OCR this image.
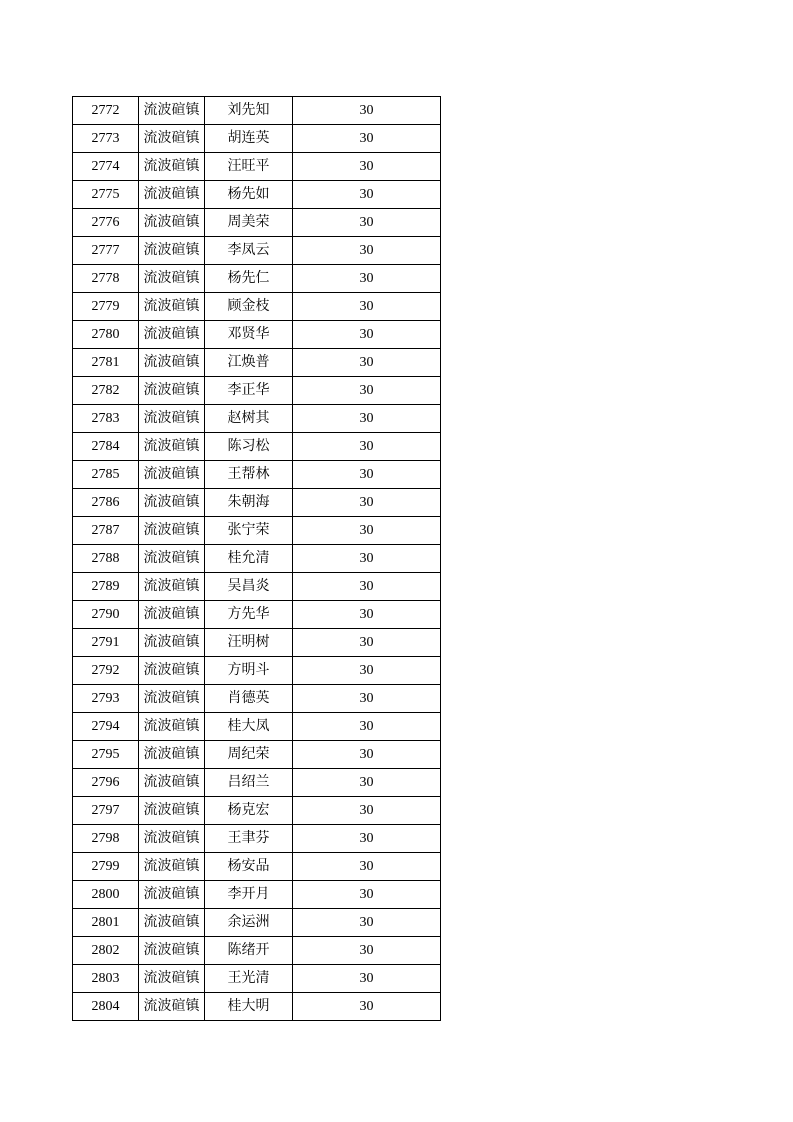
2772	流波碹镇	刘先知	30
2773	流波碹镇	胡连英	30
2774	流波碹镇	汪旺平	30
2775	流波碹镇	杨先如	30
2776	流波碹镇	周美荣	30
2777	流波碹镇	李凤云	30
2778	流波碹镇	杨先仁	30
2779	流波碹镇	顾金枝	30
2780	流波碹镇	邓贤华	30
2781	流波碹镇	江焕普	30
2782	流波碹镇	李正华	30
2783	流波碹镇	赵树其	30
2784	流波碹镇	陈习松	30
2785	流波碹镇	王帮林	30
2786	流波碹镇	朱朝海	30
2787	流波碹镇	张宁荣	30
2788	流波碹镇	桂允清	30
2789	流波碹镇	吴昌炎	30
2790	流波碹镇	方先华	30
2791	流波碹镇	汪明树	30
2792	流波碹镇	方明斗	30
2793	流波碹镇	肖德英	30
2794	流波碹镇	桂大凤	30
2795	流波碹镇	周纪荣	30
2796	流波碹镇	吕绍兰	30
2797	流波碹镇	杨克宏	30
2798	流波碹镇	王聿芬	30
2799	流波碹镇	杨安品	30
2800	流波碹镇	李开月	30
2801	流波碹镇	余运洲	30
2802	流波碹镇	陈绪开	30
2803	流波碹镇	王光清	30
2804	流波碹镇	桂大明	30
